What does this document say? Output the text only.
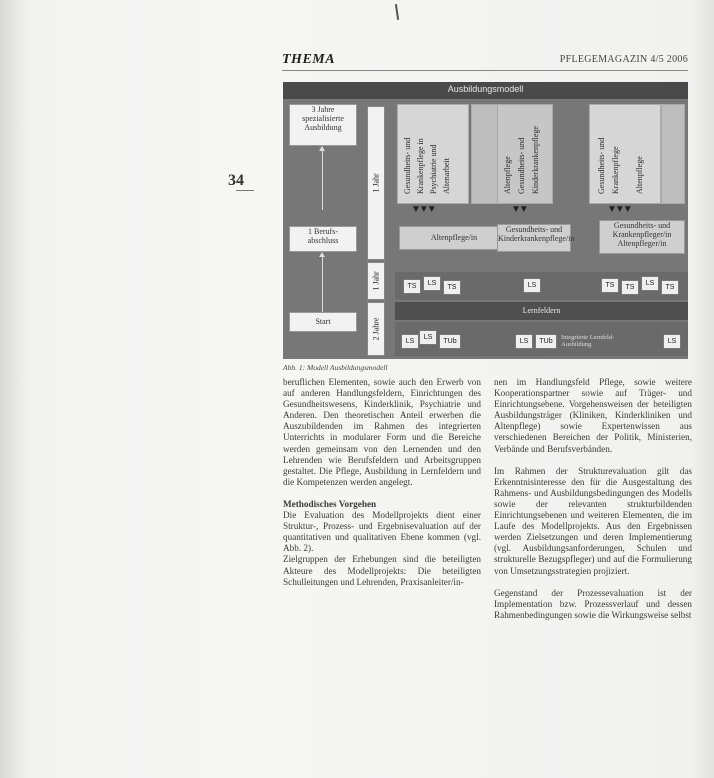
34
THEMA	PFLEGEMAGAZIN 4/5 2006
Ausbildungsmodell
3 Jahre
spezialisierte
Ausbildung
1 Berufs-
abschluss
Start
1 Jahr
1 Jahr
2 Jahre
Gesundheits- und Krankenpflege in Psychiatrie und Altenarbeit
▼▼▼
Altenpflege/in
Altenpflege Gesundheits- und Kinderkrankenpflege
▼▼
Gesundheits- und
Kinderkrankenpflege/in
Gesundheits- und Krankenpflege Altenpflege
▼▼▼
Gesundheits- und
Krankenpfleger/in
Altenpfleger/in
TS	LS
TS	LS	TS	TS
LS
TS
Lernfeldern
LS
LS
TUb	LS	TUb
Integrierte Lernfeld-Ausbildung	LS
Abb. 1: Modell Ausbildungsmodell

beruflichen Elementen, sowie auch den Erwerb von auf anderen Handlungsfeldern, Einrichtungen des Gesundheitswesens, Kinderklinik, Psychiatrie und Anderen. Den theoretischen Anteil erwerben die Auszubildenden im Rahmen des integrierten Unterrichts in modularer Form und die Bereiche werden gemeinsam von den Lernenden und den Lehrenden wie Berufsfeldern und Arbeitsgruppen gestaltet. Die Pflege, Ausbildung in Lernfeldern und die Kompetenzen werden angelegt.

Methodisches Vorgehen

Die Evaluation des Modellprojekts dient einer Struktur-, Prozess- und Ergebnisevaluation auf der quantitativen und qualitativen Ebene kommen (vgl. Abb. 2).
Zielgruppen der Erhebungen sind die beteiligten Akteure des Modellprojekts: Die beteiligten Schulleitungen und Lehrenden, Praxisanleiter/in-

nen im Handlungsfeld Pflege, sowie weitere Kooperationspartner sowie auf Träger- und Einrichtungsebene. Vorgehensweisen der beteiligten Ausbildungsträger (Kliniken, Kinderkliniken und Altenpflege) sowie Expertenwissen aus verschiedenen Bereichen der Politik, Ministerien, Verbände und Berufsverbänden.

Im Rahmen der Strukturevaluation gilt das Erkenntnisinteresse den für die Ausgestaltung des Rahmens- und Ausbildungsbedingungen des Modells sowie der relevanten strukturbildenden Einrichtungsebenen und weiteren Elementen, die im Laufe des Modellprojekts. Aus den Ergebnissen werden Zielsetzungen und deren Implementierung (vgl. Ausbildungsanforderungen, Schulen und strukturelle Bezugspfleger) und auf die Formulierung von Umsetzungsstrategien projiziert.

Gegenstand der Prozessevaluation ist der Implementation bzw. Prozessverlauf und dessen Rahmenbedingungen sowie die Wirkungsweise selbst
